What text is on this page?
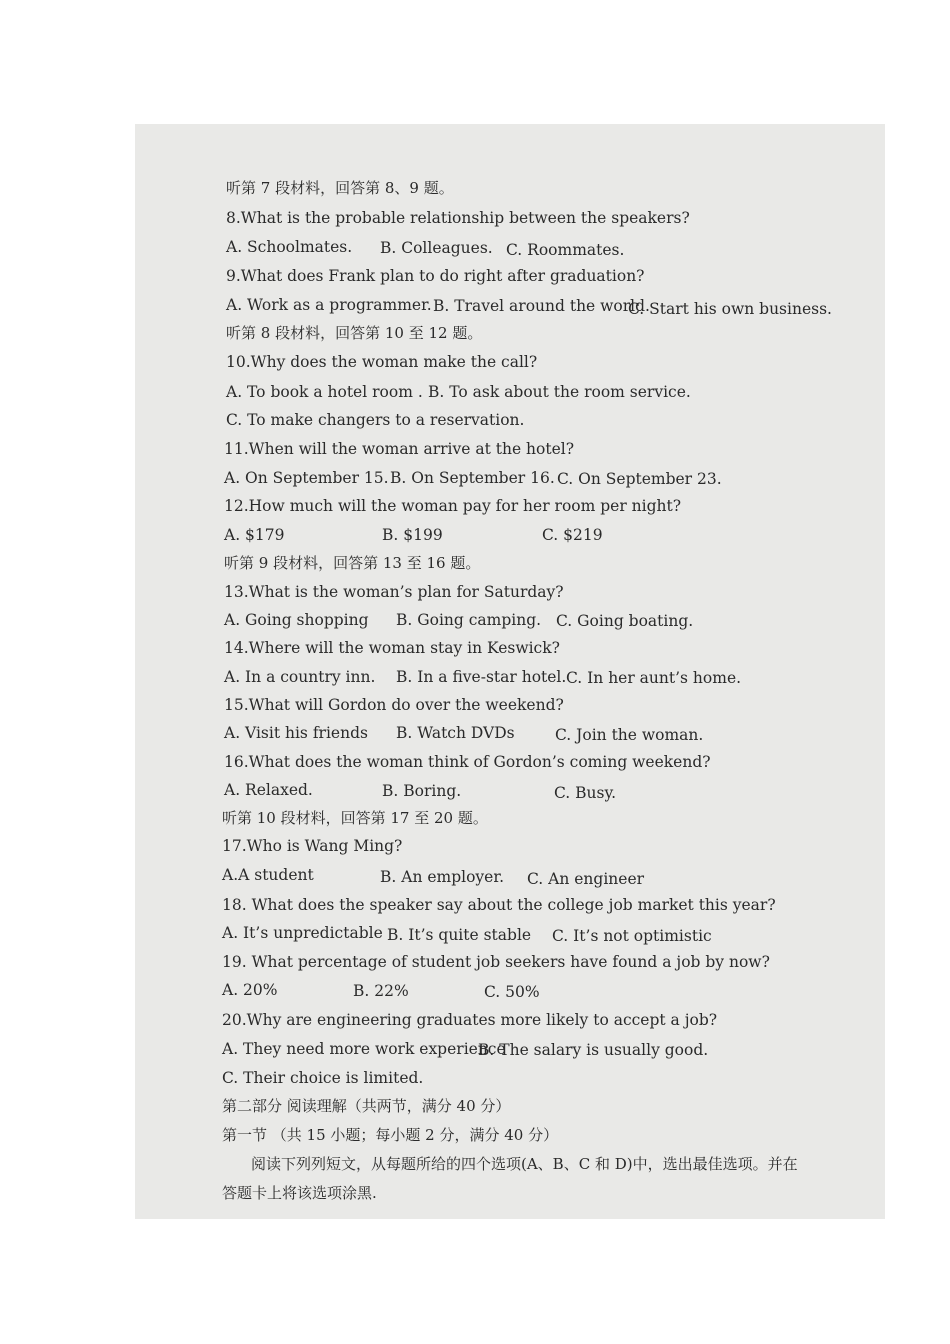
听第 7 段材料，回答第 8、9 题。
8.What is the probable relationship between the speakers?
A. Schoolmates. B. Colleagues. C. Roommates.
9.What does Frank plan to do right after graduation?
A. Work as a programmer. B. Travel around the world.
C. Start his own business.
听第 8 段材料，回答第 10 至 12 题。
10.Why does the woman make the call?
A. To book a hotel room . B. To ask about the room service.
C. To make changers to a reservation.
11.When will the woman arrive at the hotel?
A. On September 15. B. On September 16. C. On September 23.
12.How much will the woman pay for her room per night?
A. $179	B. $199	C. $219
听第 9 段材料，回答第 13 至 16 题。
13.What is the woman’s plan for Saturday?
A. Going shopping B. Going camping. C. Going boating.
14.Where will the woman stay in Keswick?
A. In a country inn. B. In a five-star hotel. C. In her aunt’s home.
15.What will Gordon do over the weekend?
A. Visit his friends B. Watch DVDs	C. Join the woman.
16.What does the woman think of Gordon’s coming weekend?
A. Relaxed.	B. Boring.	C. Busy.
听第 10 段材料，回答第 17 至 20 题。
17.Who is Wang Ming?
A.A student	B. An employer. C. An engineer
18. What does the speaker say about the college job market this year?
A. It’s unpredictable B. It’s quite stable C. It’s not optimistic
19. What percentage of student job seekers have found a job by now?
A. 20%	B. 22%	C. 50%
20.Why are engineering graduates more likely to accept a job?
A. They need more work experience
B. The salary is usually good.
C. Their choice is limited.
第二部分 阅读理解（共两节，满分 40 分）
第一节 （共 15 小题；每小题 2 分，满分 40 分）
阅读下列列短文，从每题所给的四个选项(A、B、C 和 D)中，选出最佳选项。并在
答题卡上将该选项涂黑.
